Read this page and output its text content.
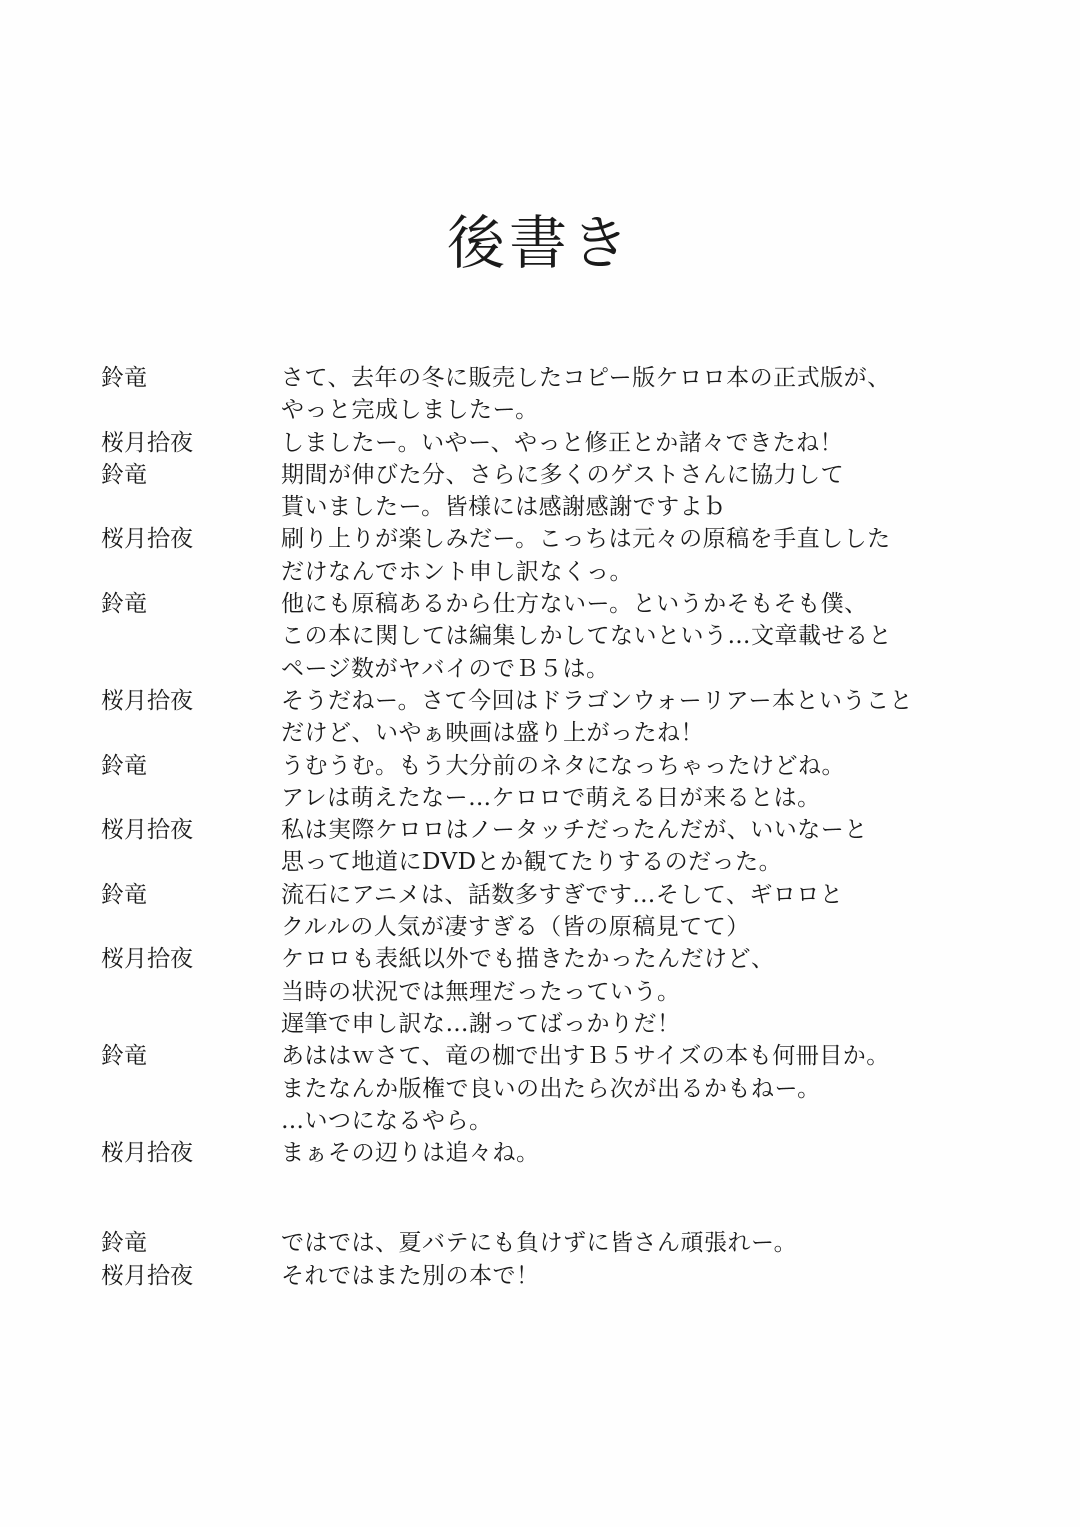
後書き
鈴竜	さて、去年の冬に販売したコピー版ケロロ本の正式版が、
やっと完成しましたー。
桜月拾夜	しましたー。いやー、やっと修正とか諸々できたね！
鈴竜	期間が伸びた分、さらに多くのゲストさんに協力して
貰いましたー。皆様には感謝感謝ですよｂ
桜月拾夜	刷り上りが楽しみだー。こっちは元々の原稿を手直しした
だけなんでホント申し訳なくっ。
鈴竜	他にも原稿あるから仕方ないー。というかそもそも僕、
この本に関しては編集しかしてないという…文章載せると
ページ数がヤバイのでＢ５は。
桜月拾夜	そうだねー。さて今回はドラゴンウォーリアー本ということ
だけど、いやぁ映画は盛り上がったね！
鈴竜	うむうむ。もう大分前のネタになっちゃったけどね。
アレは萌えたなー…ケロロで萌える日が来るとは。
桜月拾夜	私は実際ケロロはノータッチだったんだが、いいなーと
思って地道にDVDとか観てたりするのだった。
鈴竜	流石にアニメは、話数多すぎです…そして、ギロロと
クルルの人気が凄すぎる（皆の原稿見てて）
桜月拾夜	ケロロも表紙以外でも描きたかったんだけど、
当時の状況では無理だったっていう。
遅筆で申し訳な…謝ってばっかりだ！
鈴竜	あははｗさて、竜の枷で出すＢ５サイズの本も何冊目か。
またなんか版権で良いの出たら次が出るかもねー。
…いつになるやら。
桜月拾夜	まぁその辺りは追々ね。
鈴竜	ではでは、夏バテにも負けずに皆さん頑張れー。
桜月拾夜	それではまた別の本で！
